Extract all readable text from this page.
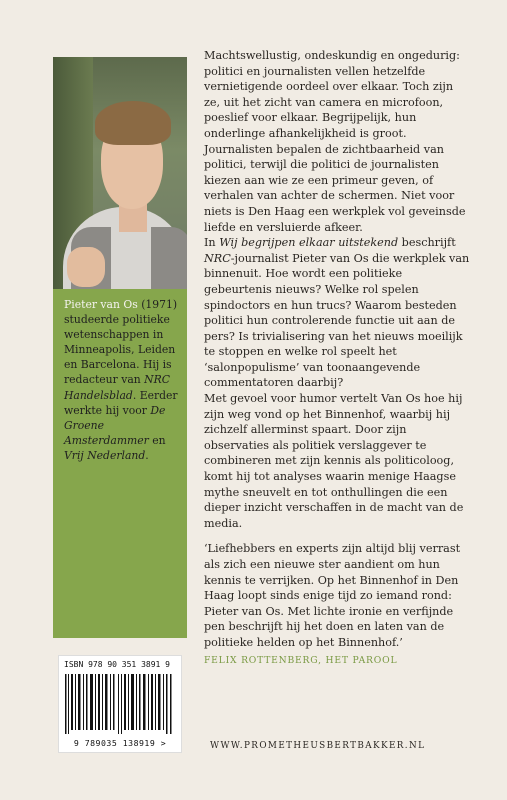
Pieter van Os (1971) studeerde politieke wetenschappen in Minneapolis, Leiden en Barcelona. Hij is redacteur van NRC Handelsblad. Eerder werkte hij voor De Groene Amsterdammer en Vrij Nederland.

Machtswellustig, ondeskundig en ongedurig: politici en journalisten vellen hetzelfde vernietigende oordeel over elkaar. Toch zijn ze, uit het zicht van camera en microfoon, poeslief voor elkaar. Begrijpelijk, hun onderlinge afhankelijkheid is groot. Journalisten bepalen de zichtbaarheid van politici, terwijl die politici de journalisten kiezen aan wie ze een primeur geven, of verhalen van achter de schermen. Niet voor niets is Den Haag een werkplek vol geveinsde liefde en versluierde afkeer.

In Wij begrijpen elkaar uitstekend beschrijft NRC-journalist Pieter van Os die werkplek van binnenuit. Hoe wordt een politieke gebeurtenis nieuws? Welke rol spelen spindoctors en hun trucs? Waarom besteden politici hun controlerende functie uit aan de pers? Is trivialisering van het nieuws moeilijk te stoppen en welke rol speelt het ‘salonpopulisme’ van toonaangevende commentatoren daarbij?

Met gevoel voor humor vertelt Van Os hoe hij zijn weg vond op het Binnenhof, waarbij hij zichzelf allerminst spaart. Door zijn observaties als politiek verslaggever te combineren met zijn kennis als politicoloog, komt hij tot analyses waarin menige Haagse mythe sneuvelt en tot onthullingen die een dieper inzicht verschaffen in de macht van de media.

‘Liefhebbers en experts zijn altijd blij verrast als zich een nieuwe ster aandient om hun kennis te verrijken. Op het Binnenhof in Den Haag loopt sinds enige tijd zo iemand rond: Pieter van Os. Met lichte ironie en verfijnde pen beschrijft hij het doen en laten van de politieke helden op het Binnenhof.’

FELIX ROTTENBERG, HET PAROOL

ISBN 978 90 351 3891 9
9 789035 138919 >	WWW.PROMETHEUSBERTBAKKER.NL
